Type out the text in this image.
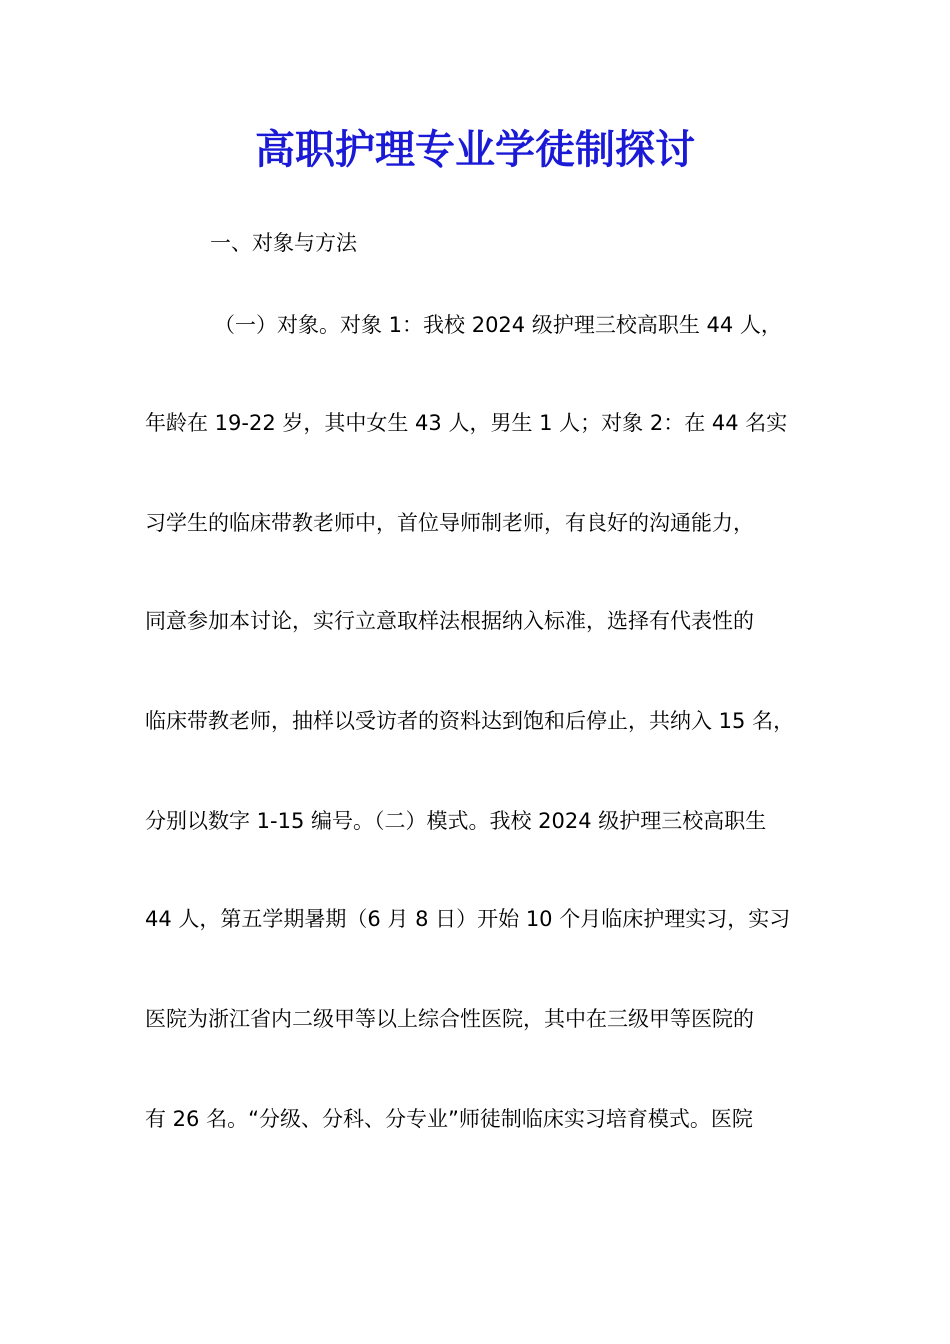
高职护理专业学徒制探讨
一、对象与方法
（一）对象。对象 1：我校 2024 级护理三校高职生 44 人，
年龄在 19-22 岁，其中女生 43 人，男生 1 人；对象 2：在 44 名实
习学生的临床带教老师中，首位导师制老师，有良好的沟通能力，
同意参加本讨论，实行立意取样法根据纳入标准，选择有代表性的
临床带教老师，抽样以受访者的资料达到饱和后停止，共纳入 15 名，
分别以数字 1-15 编号。（二）模式。我校 2024 级护理三校高职生
44 人，第五学期暑期（6 月 8 日）开始 10 个月临床护理实习，实习
医院为浙江省内二级甲等以上综合性医院，其中在三级甲等医院的
有 26 名。“分级、分科、分专业”师徒制临床实习培育模式。医院
